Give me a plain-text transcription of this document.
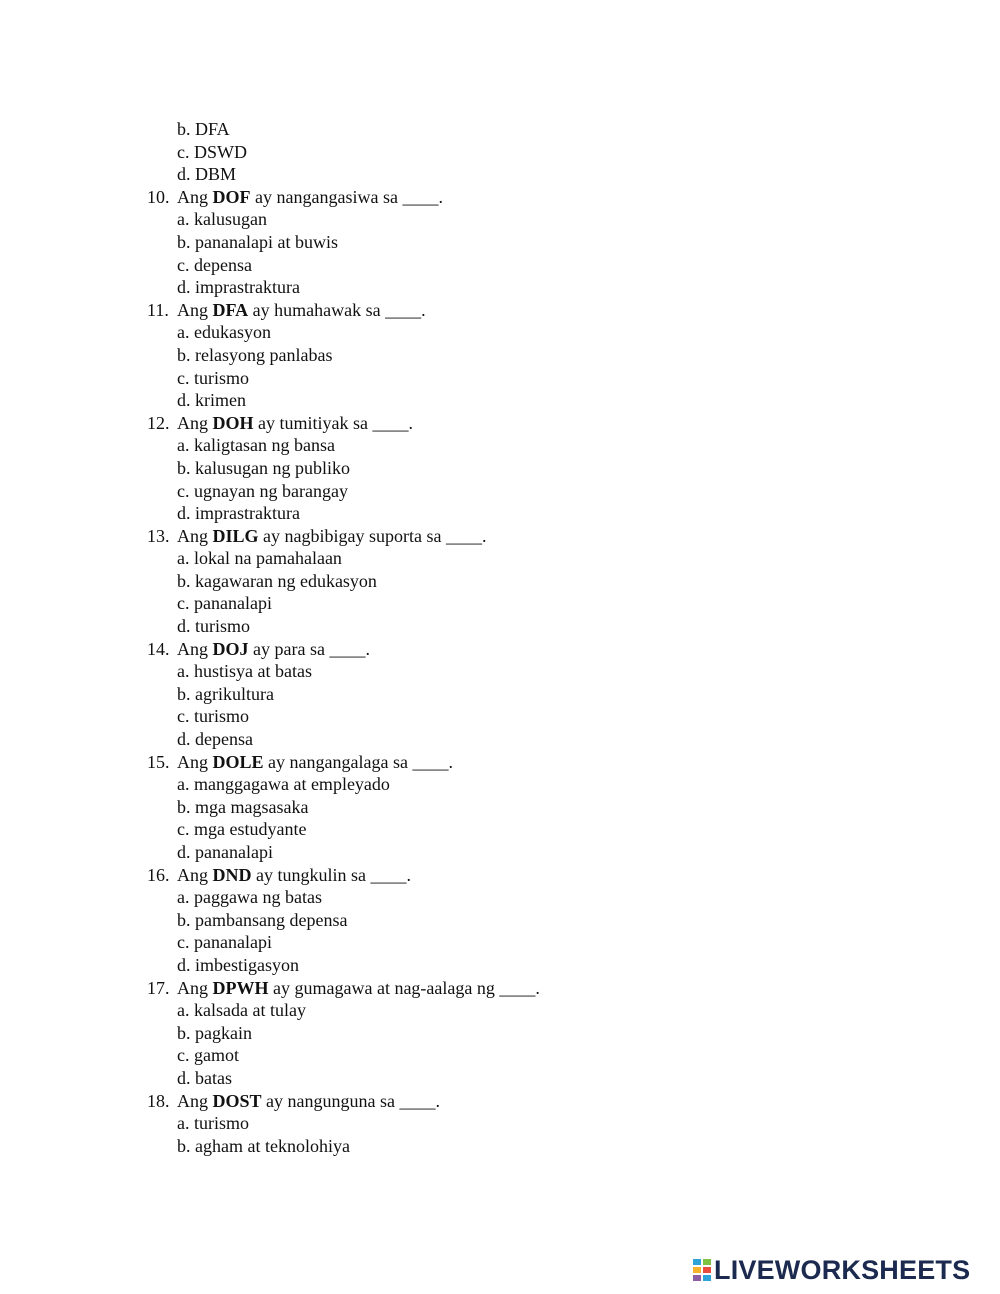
b. DFA
c. DSWD
d. DBM
10. Ang DOF ay nangangasiwa sa ____.
a. kalusugan
b. pananalapi at buwis
c. depensa
d. imprastraktura
11. Ang DFA ay humahawak sa ____.
a. edukasyon
b. relasyong panlabas
c. turismo
d. krimen
12. Ang DOH ay tumitiyak sa ____.
a. kaligtasan ng bansa
b. kalusugan ng publiko
c. ugnayan ng barangay
d. imprastraktura
13. Ang DILG ay nagbibigay suporta sa ____.
a. lokal na pamahalaan
b. kagawaran ng edukasyon
c. pananalapi
d. turismo
14. Ang DOJ ay para sa ____.
a. hustisya at batas
b. agrikultura
c. turismo
d. depensa
15. Ang DOLE ay nangangalaga sa ____.
a. manggagawa at empleyado
b. mga magsasaka
c. mga estudyante
d. pananalapi
16. Ang DND ay tungkulin sa ____.
a. paggawa ng batas
b. pambansang depensa
c. pananalapi
d. imbestigasyon
17. Ang DPWH ay gumagawa at nag-aalaga ng ____.
a. kalsada at tulay
b. pagkain
c. gamot
d. batas
18. Ang DOST ay nangunguna sa ____.
a. turismo
b. agham at teknolohiya
LIVEWORKSHEETS
